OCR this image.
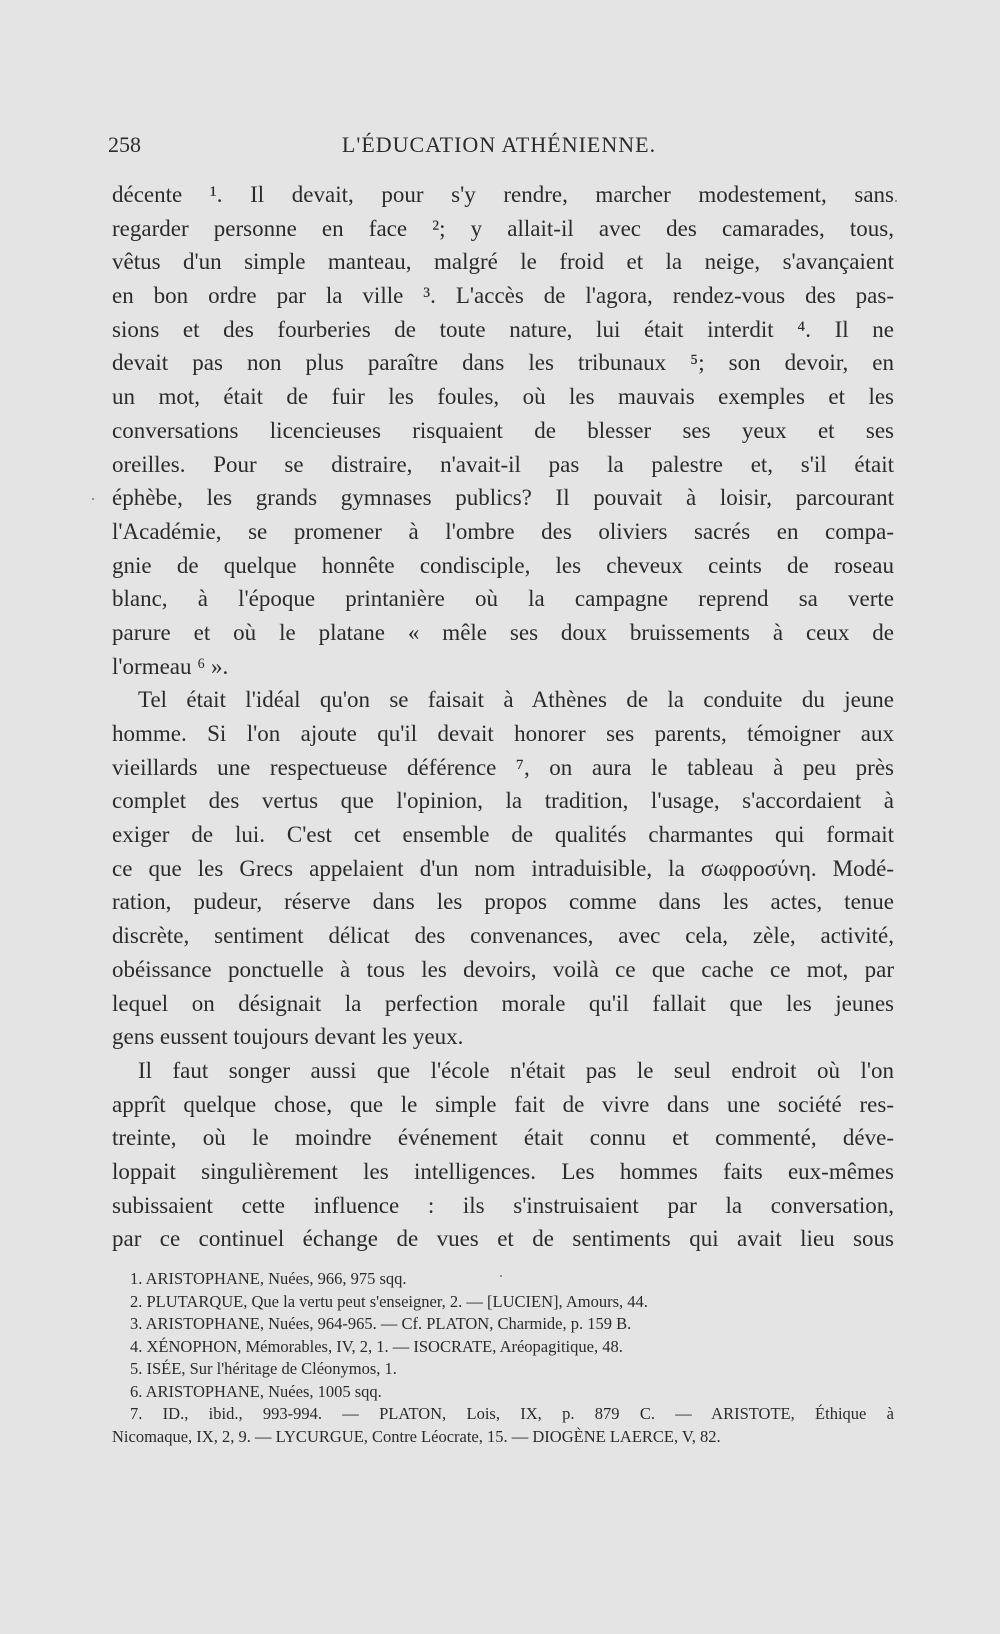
258	L'ÉDUCATION ATHÉNIENNE.
décente ¹. Il devait, pour s'y rendre, marcher modestement, sans
regarder personne en face ²; y allait-il avec des camarades, tous,
vêtus d'un simple manteau, malgré le froid et la neige, s'avançaient
en bon ordre par la ville ³. L'accès de l'agora, rendez-vous des pas-
sions et des fourberies de toute nature, lui était interdit ⁴. Il ne
devait pas non plus paraître dans les tribunaux ⁵; son devoir, en
un mot, était de fuir les foules, où les mauvais exemples et les
conversations licencieuses risquaient de blesser ses yeux et ses
oreilles. Pour se distraire, n'avait-il pas la palestre et, s'il était
éphèbe, les grands gymnases publics? Il pouvait à loisir, parcourant
l'Académie, se promener à l'ombre des oliviers sacrés en compa-
gnie de quelque honnête condisciple, les cheveux ceints de roseau
blanc, à l'époque printanière où la campagne reprend sa verte
parure et où le platane « mêle ses doux bruissements à ceux de
l'ormeau ⁶ ».
Tel était l'idéal qu'on se faisait à Athènes de la conduite du jeune
homme. Si l'on ajoute qu'il devait honorer ses parents, témoigner aux
vieillards une respectueuse déférence ⁷, on aura le tableau à peu près
complet des vertus que l'opinion, la tradition, l'usage, s'accordaient à
exiger de lui. C'est cet ensemble de qualités charmantes qui formait
ce que les Grecs appelaient d'un nom intraduisible, la σωφροσύνη. Modé-
ration, pudeur, réserve dans les propos comme dans les actes, tenue
discrète, sentiment délicat des convenances, avec cela, zèle, activité,
obéissance ponctuelle à tous les devoirs, voilà ce que cache ce mot, par
lequel on désignait la perfection morale qu'il fallait que les jeunes
gens eussent toujours devant les yeux.
Il faut songer aussi que l'école n'était pas le seul endroit où l'on
apprît quelque chose, que le simple fait de vivre dans une société res-
treinte, où le moindre événement était connu et commenté, déve-
loppait singulièrement les intelligences. Les hommes faits eux-mêmes
subissaient cette influence : ils s'instruisaient par la conversation,
par ce continuel échange de vues et de sentiments qui avait lieu sous
1. ARISTOPHANE, Nuées, 966, 975 sqq.
2. PLUTARQUE, Que la vertu peut s'enseigner, 2. — [LUCIEN], Amours, 44.
3. ARISTOPHANE, Nuées, 964-965. — Cf. PLATON, Charmide, p. 159 B.
4. XÉNOPHON, Mémorables, IV, 2, 1. — ISOCRATE, Aréopagitique, 48.
5. ISÉE, Sur l'héritage de Cléonymos, 1.
6. ARISTOPHANE, Nuées, 1005 sqq.
7. ID., ibid., 993-994. — PLATON, Lois, IX, p. 879 C. — ARISTOTE, Éthique à
Nicomaque, IX, 2, 9. — LYCURGUE, Contre Léocrate, 15. — DIOGÈNE LAERCE, V, 82.
